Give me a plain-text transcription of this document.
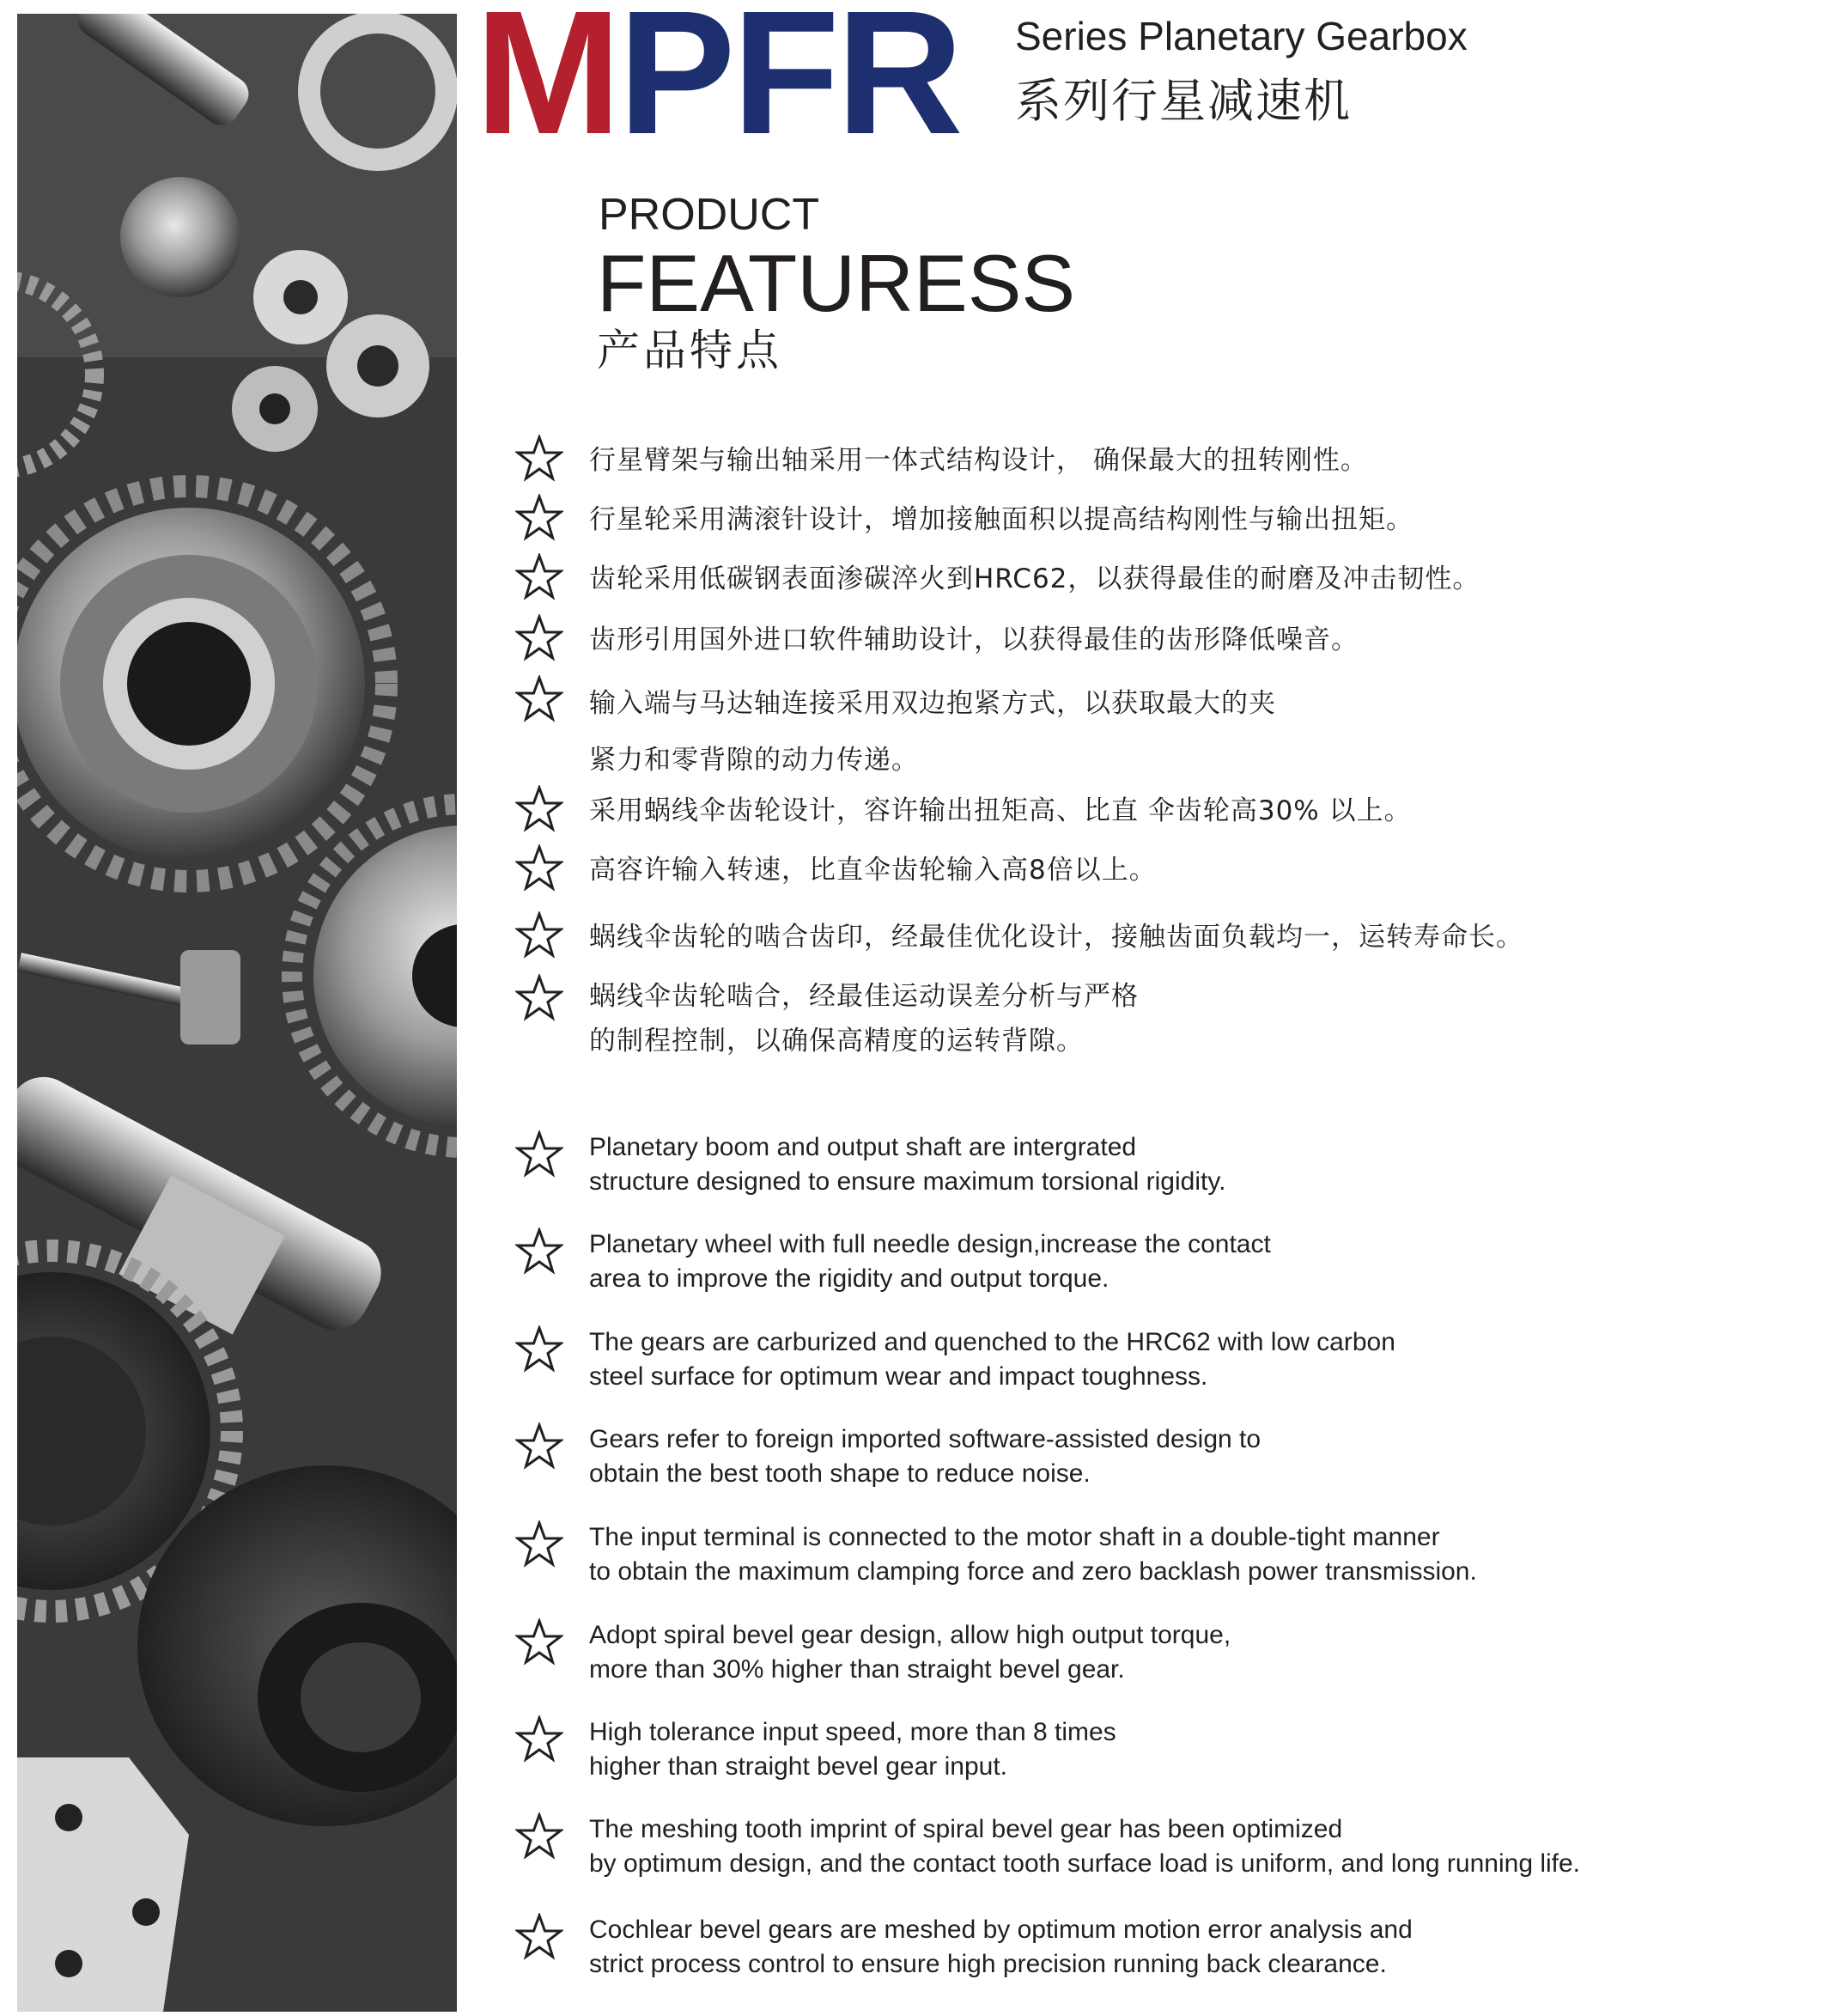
MPFR Series Planetary Gearbox
系列行星减速机
PRODUCT
FEATURESS
产品特点
行星臂架与输出轴采用一体式结构设计， 确保最大的扭转刚性。
行星轮采用满滚针设计，增加接触面积以提高结构刚性与输出扭矩。
齿轮采用低碳钢表面渗碳淬火到HRC62，以获得最佳的耐磨及冲击韧性。
齿形引用国外进口软件辅助设计，以获得最佳的齿形降低噪音。
输入端与马达轴连接采用双边抱紧方式，以获取最大的夹
紧力和零背隙的动力传递。
采用蜗线伞齿轮设计，容许输出扭矩高、比直 伞齿轮高30% 以上。
高容许输入转速，比直伞齿轮输入高8倍以上。
蜗线伞齿轮的啮合齿印，经最佳优化设计，接触齿面负载均一，运转寿命长。
蜗线伞齿轮啮合，经最佳运动误差分析与严格
的制程控制，以确保高精度的运转背隙。
Planetary boom and output shaft are intergrated
structure designed to ensure maximum torsional rigidity.
Planetary wheel with full needle design,increase the contact
area to improve the rigidity and output torque.
The gears are carburized and quenched to the HRC62 with low carbon
steel surface for optimum wear and impact toughness.
Gears refer to foreign imported software-assisted design to
obtain the best tooth shape to reduce noise.
The input terminal is connected to the motor shaft in a double-tight manner
to obtain the maximum clamping force and zero backlash power transmission.
Adopt spiral bevel gear design, allow high output torque,
more than 30% higher than straight bevel gear.
High tolerance input speed, more than 8 times
higher than straight bevel gear input.
The meshing tooth imprint of spiral bevel gear has been optimized
by optimum design, and the contact tooth surface load is uniform, and long running life.
Cochlear bevel gears are meshed by optimum motion error analysis and
strict process control to ensure high precision running back clearance.
